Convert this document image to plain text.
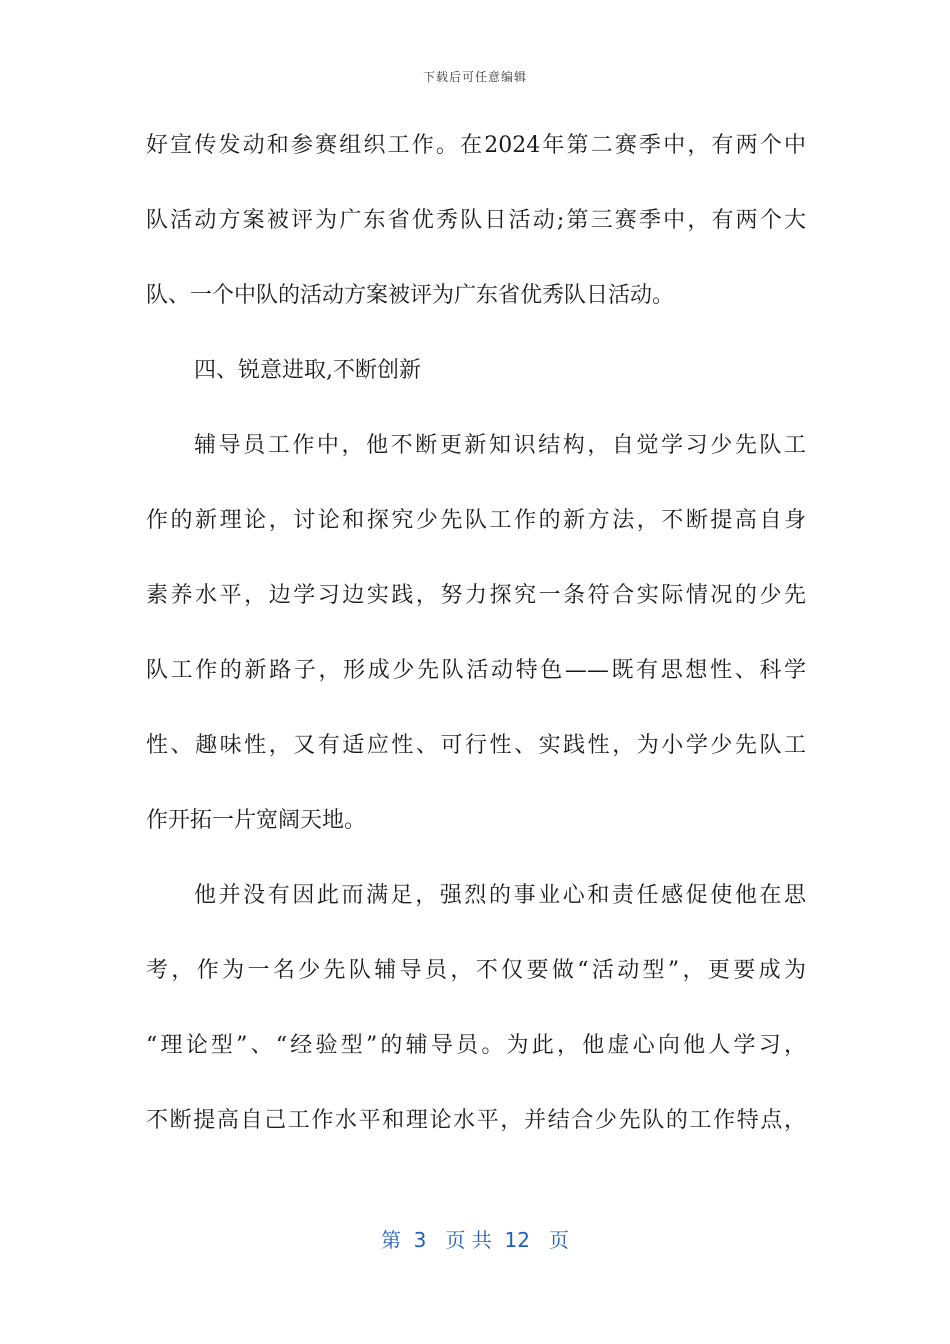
下载后可任意编辑
好宣传发动和参赛组织工作。在2024年第二赛季中，有两个中
队活动方案被评为广东省优秀队日活动;第三赛季中，有两个大
队、一个中队的活动方案被评为广东省优秀队日活动。
四、锐意进取,不断创新
辅导员工作中，他不断更新知识结构，自觉学习少先队工
作的新理论，讨论和探究少先队工作的新方法，不断提高自身
素养水平，边学习边实践，努力探究一条符合实际情况的少先
队工作的新路子，形成少先队活动特色——既有思想性、科学
性、趣味性，又有适应性、可行性、实践性，为小学少先队工
作开拓一片宽阔天地。
他并没有因此而满足，强烈的事业心和责任感促使他在思
考，作为一名少先队辅导员，不仅要做“活动型”，更要成为
“理论型”、“经验型”的辅导员。为此，他虚心向他人学习，
不断提高自己工作水平和理论水平，并结合少先队的工作特点，
第  3   页 共  12   页
